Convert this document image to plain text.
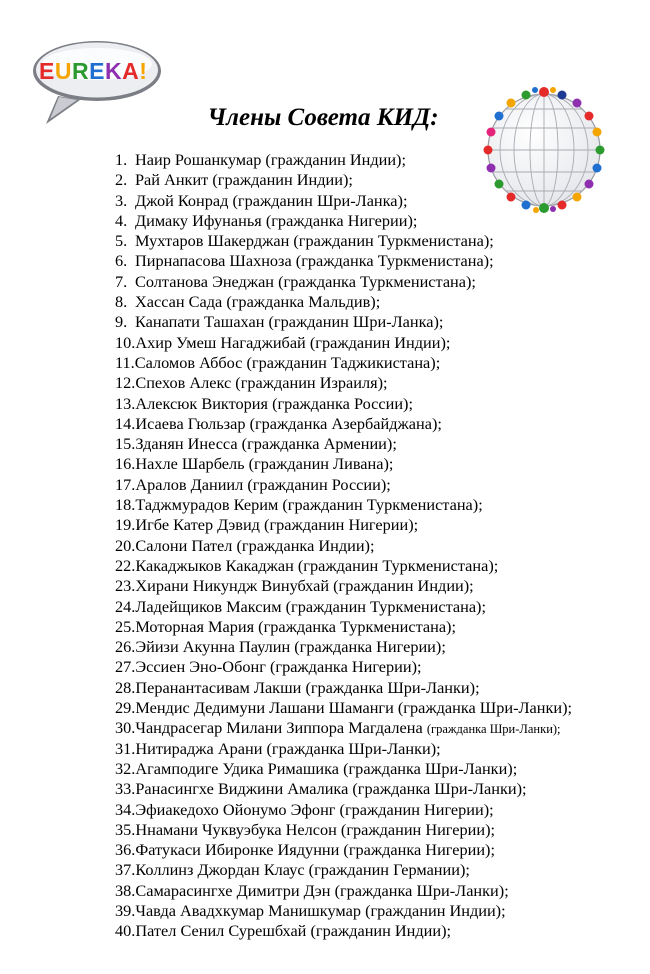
EUREKA!
Члены Совета КИД:
1. Наир Рошанкумар (гражданин Индии);
2. Рай Анкит (гражданин Индии);
3. Джой Конрад (гражданин Шри-Ланка);
4. Димаку Ифунанья (гражданка Нигерии);
5. Мухтаров Шакерджан (гражданин Туркменистана);
6. Пирнапасова Шахноза (гражданка Туркменистана);
7. Солтанова Энеджан (гражданка Туркменистана);
8. Хассан Сада (гражданка Мальдив);
9. Канапати Ташахан (гражданин Шри-Ланка);
10.Ахир Умеш Нагаджибай (гражданин Индии);
11.Саломов Аббос (гражданин Таджикистана);
12.Спехов Алекс (гражданин Израиля);
13.Алексюк Виктория (гражданка России);
14.Исаева Гюльзар (гражданка Азербайджана);
15.Зданян Инесса (гражданка Армении);
16.Нахле Шарбель (гражданин Ливана);
17.Аралов Даниил (гражданин России);
18.Таджмурадов Керим (гражданин Туркменистана);
19.Игбе Катер Дэвид (гражданин Нигерии);
20.Салони Пател (гражданка Индии);
22.Какаджыков Какаджан (гражданин Туркменистана);
23.Хирани Никундж Винубхай (гражданин Индии);
24.Ладейщиков Максим (гражданин Туркменистана);
25.Моторная Мария (гражданка Туркменистана);
26.Эйизи Акунна Паулин (гражданка Нигерии);
27.Эссиен Эно-Обонг (гражданка Нигерии);
28.Перанантасивам Лакши (гражданка Шри-Ланки);
29.Мендис Дедимуни Лашани Шаманги (гражданка Шри-Ланки);
30.Чандрасегар Милани Зиппора Магдалена (гражданка Шри-Ланки);
31.Нитираджа Арани (гражданка Шри-Ланки);
32.Агамподиге Удика Римашика (гражданка Шри-Ланки);
33.Ранасингхе Виджини Амалика (гражданка Шри-Ланки);
34.Эфиакедохо Ойонумо Эфонг (гражданин Нигерии);
35.Ннамани Чуквуэбука Нелсон (гражданин Нигерии);
36.Фатукаси Ибиронке Иядунни (гражданка Нигерии);
37.Коллинз Джордан Клаус (гражданин Германии);
38.Самарасингхе Димитри Дэн (гражданка Шри-Ланки);
39.Чавда Авадхкумар Манишкумар (гражданин Индии);
40.Пател Сенил Сурешбхай (гражданин Индии);
